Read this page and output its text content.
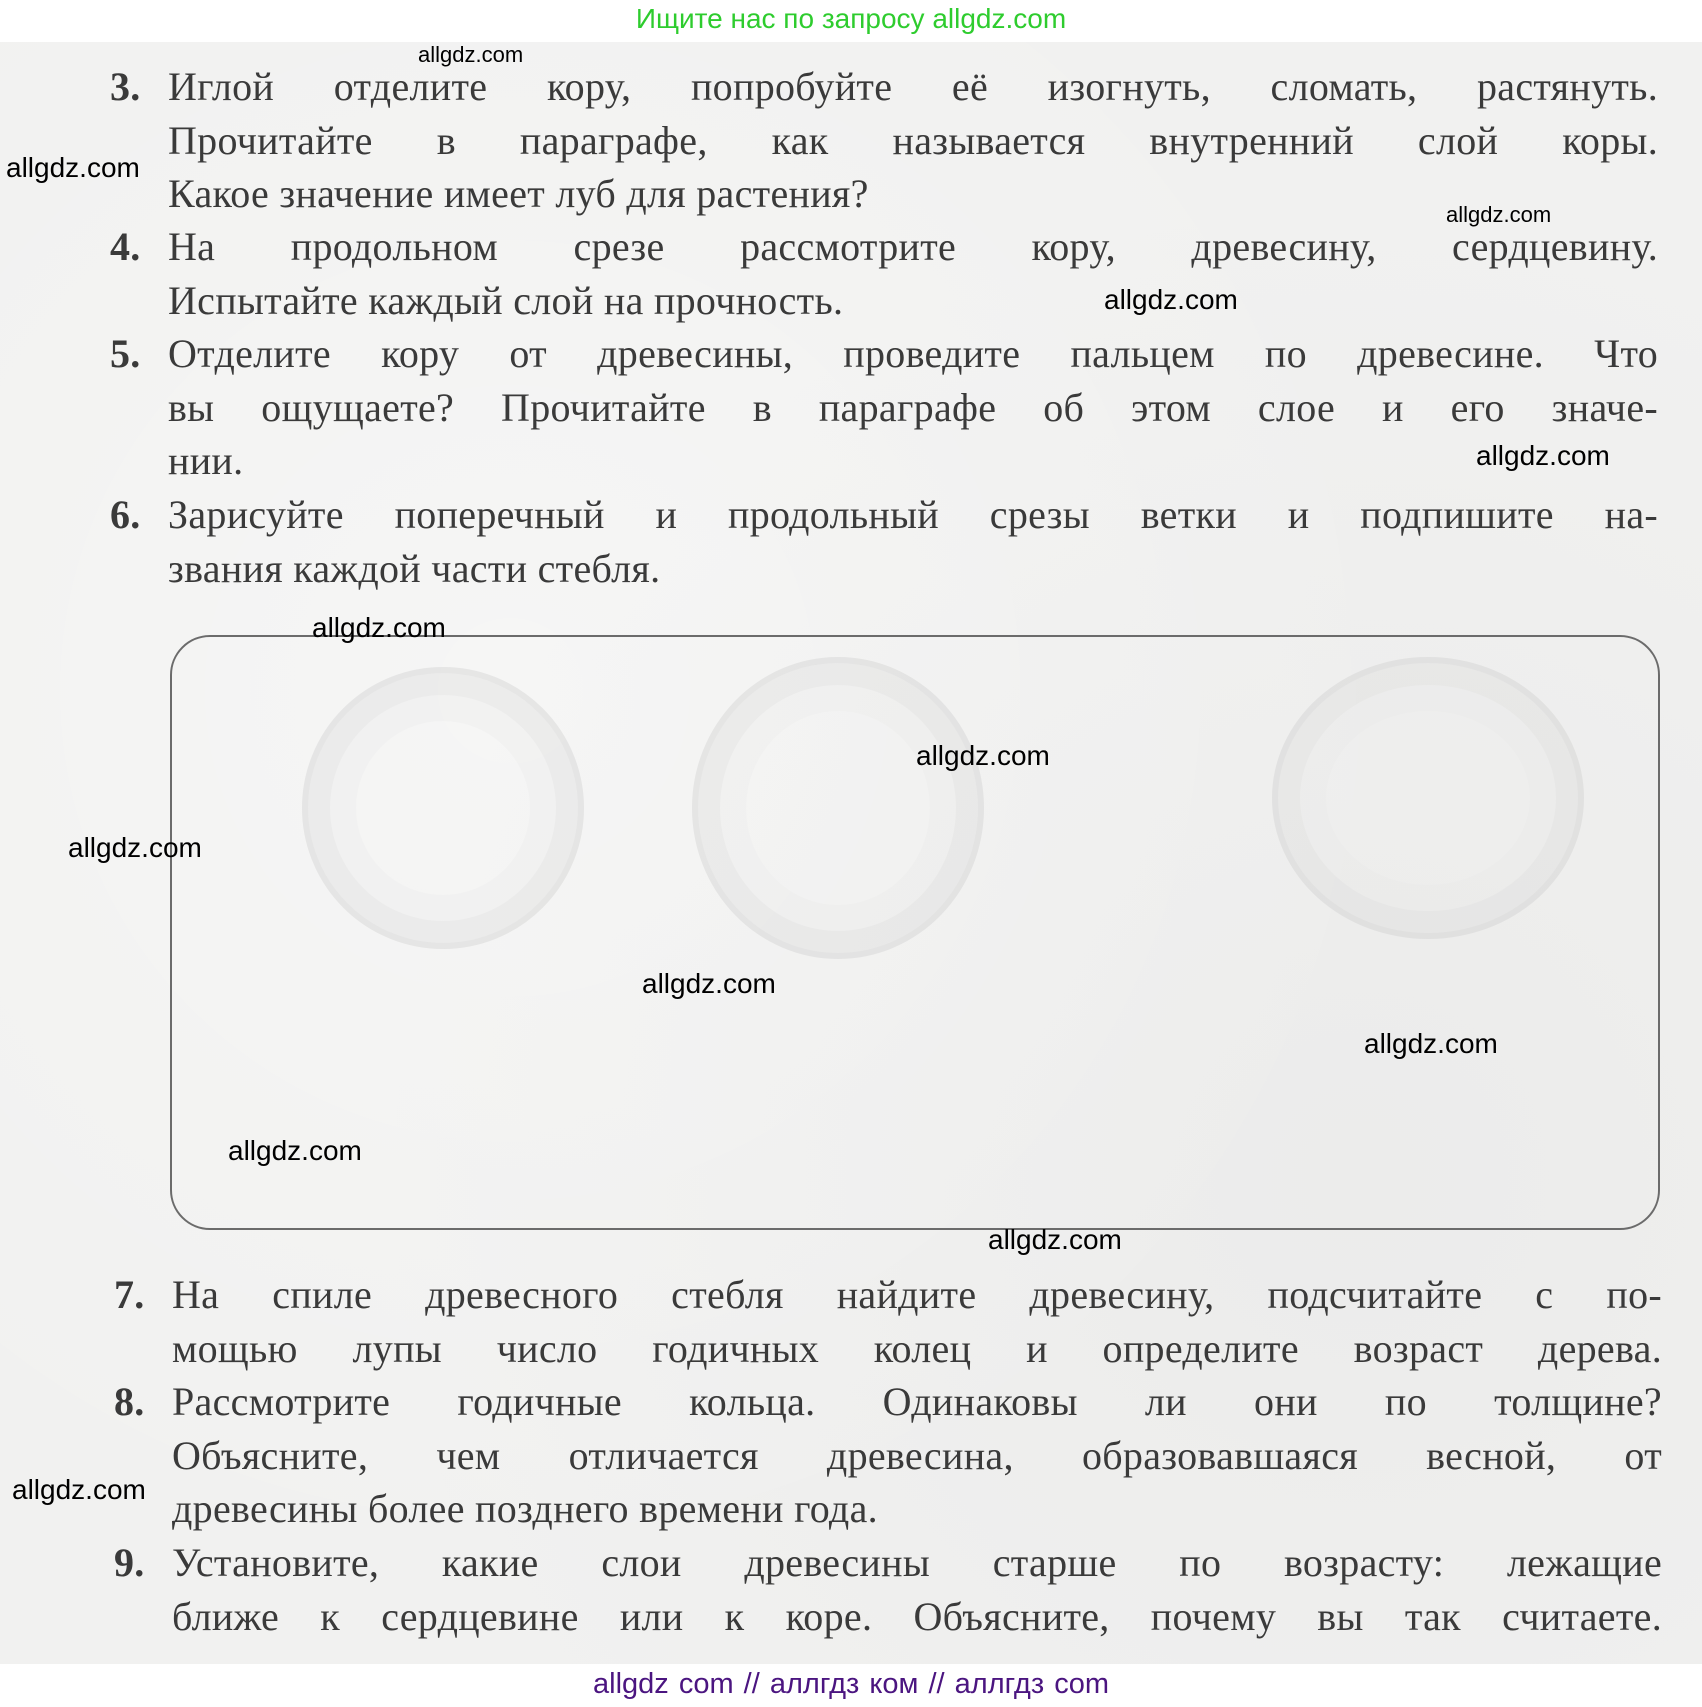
Ищите нас по запросу allgdz.com
3. Иглой отделите кору, попробуйте её изогнуть, сломать, растянуть.
Прочитайте в параграфе, как называется внутренний слой коры.
Какое значение имеет луб для растения?
4. На продольном срезе рассмотрите кору, древесину, сердцевину.
Испытайте каждый слой на прочность.
5. Отделите кору от древесины, проведите пальцем по древесине. Что
вы ощущаете? Прочитайте в параграфе об этом слое и его значе-
нии.
6. Зарисуйте поперечный и продольный срезы ветки и подпишите на-
звания каждой части стебля.
7. На спиле древесного стебля найдите древесину, подсчитайте с по-
мощью лупы число годичных колец и определите возраст дерева.
8. Рассмотрите годичные кольца. Одинаковы ли они по толщине?
Объясните, чем отличается древесина, образовавшаяся весной, от
древесины более позднего времени года.
9. Установите, какие слои древесины старше по возрасту: лежащие
ближе к сердцевине или к коре. Объясните, почему вы так считаете.
allgdz.com
allgdz.com
allgdz.com
allgdz.com
allgdz.com
allgdz.com
allgdz.com
allgdz.com
allgdz.com
allgdz.com
allgdz.com
allgdz.com
allgdz.com
allgdz com // аллгдз ком // аллгдз com
